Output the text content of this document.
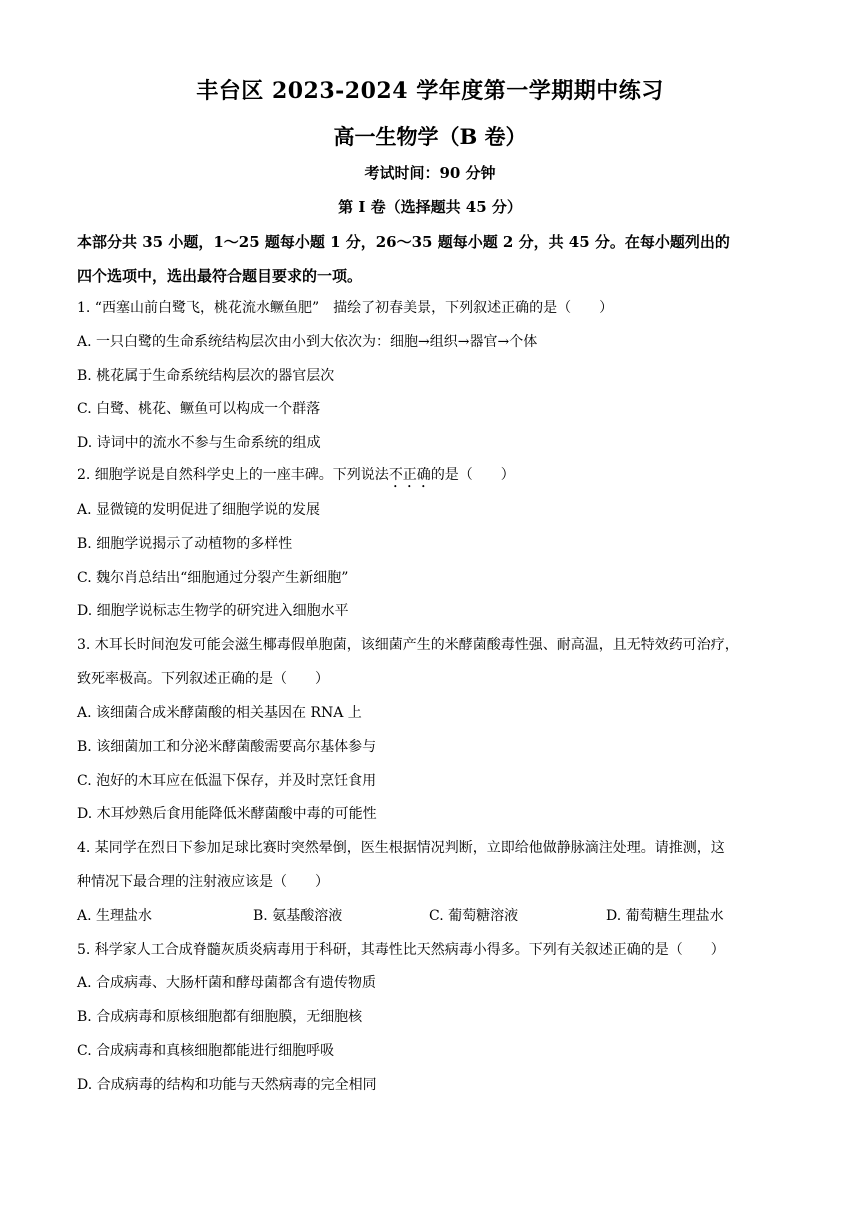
丰台区 2023-2024 学年度第一学期期中练习
高一生物学（B 卷）
考试时间：90 分钟
第 I 卷（选择题共 45 分）
本部分共 35 小题，1～25 题每小题 1 分，26～35 题每小题 2 分，共 45 分。在每小题列出的
四个选项中，选出最符合题目要求的一项。
1. “西塞山前白鹭飞，桃花流水鳜鱼肥”　描绘了初春美景，下列叙述正确的是（　　）
A. 一只白鹭的生命系统结构层次由小到大依次为：细胞→组织→器官→个体
B. 桃花属于生命系统结构层次的器官层次
C. 白鹭、桃花、鳜鱼可以构成一个群落
D. 诗词中的流水不参与生命系统的组成
2. 细胞学说是自然科学史上的一座丰碑。下列说法不正确的是（　　）
A. 显微镜的发明促进了细胞学说的发展
B. 细胞学说揭示了动植物的多样性
C. 魏尔肖总结出“细胞通过分裂产生新细胞”
D. 细胞学说标志生物学的研究进入细胞水平
3. 木耳长时间泡发可能会滋生椰毒假单胞菌，该细菌产生的米酵菌酸毒性强、耐高温，且无特效药可治疗，
致死率极高。下列叙述正确的是（　　）
A. 该细菌合成米酵菌酸的相关基因在 RNA 上
B. 该细菌加工和分泌米酵菌酸需要高尔基体参与
C. 泡好的木耳应在低温下保存，并及时烹饪食用
D. 木耳炒熟后食用能降低米酵菌酸中毒的可能性
4. 某同学在烈日下参加足球比赛时突然晕倒，医生根据情况判断，立即给他做静脉滴注处理。请推测，这
种情况下最合理的注射液应该是（　　）
A. 生理盐水	B. 氨基酸溶液	C. 葡萄糖溶液	D. 葡萄糖生理盐水
5. 科学家人工合成脊髓灰质炎病毒用于科研，其毒性比天然病毒小得多。下列有关叙述正确的是（　　）
A. 合成病毒、大肠杆菌和酵母菌都含有遗传物质
B. 合成病毒和原核细胞都有细胞膜，无细胞核
C. 合成病毒和真核细胞都能进行细胞呼吸
D. 合成病毒的结构和功能与天然病毒的完全相同
